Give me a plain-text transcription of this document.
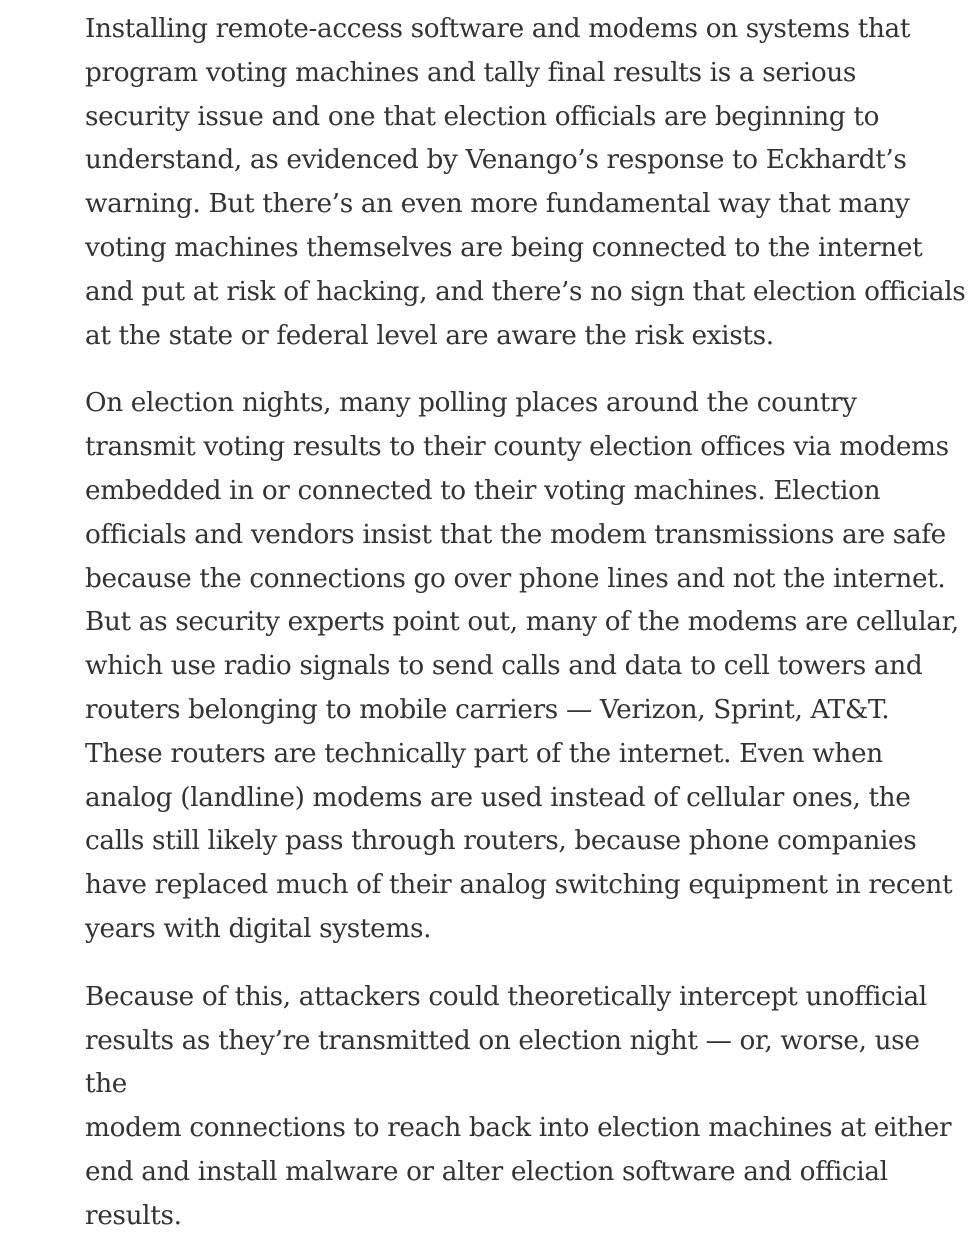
Installing remote-access software and modems on systems that
program voting machines and tally final results is a serious
security issue and one that election officials are beginning to
understand, as evidenced by Venango’s response to Eckhardt’s
warning. But there’s an even more fundamental way that many
voting machines themselves are being connected to the internet
and put at risk of hacking, and there’s no sign that election officials
at the state or federal level are aware the risk exists.

On election nights, many polling places around the country
transmit voting results to their county election offices via modems
embedded in or connected to their voting machines. Election
officials and vendors insist that the modem transmissions are safe
because the connections go over phone lines and not the internet.
But as security experts point out, many of the modems are cellular,
which use radio signals to send calls and data to cell towers and
routers belonging to mobile carriers — Verizon, Sprint, AT&T.
These routers are technically part of the internet. Even when
analog (landline) modems are used instead of cellular ones, the
calls still likely pass through routers, because phone companies
have replaced much of their analog switching equipment in recent
years with digital systems.

Because of this, attackers could theoretically intercept unofficial
results as they’re transmitted on election night — or, worse, use the
modem connections to reach back into election machines at either
end and install malware or alter election software and official
results.
